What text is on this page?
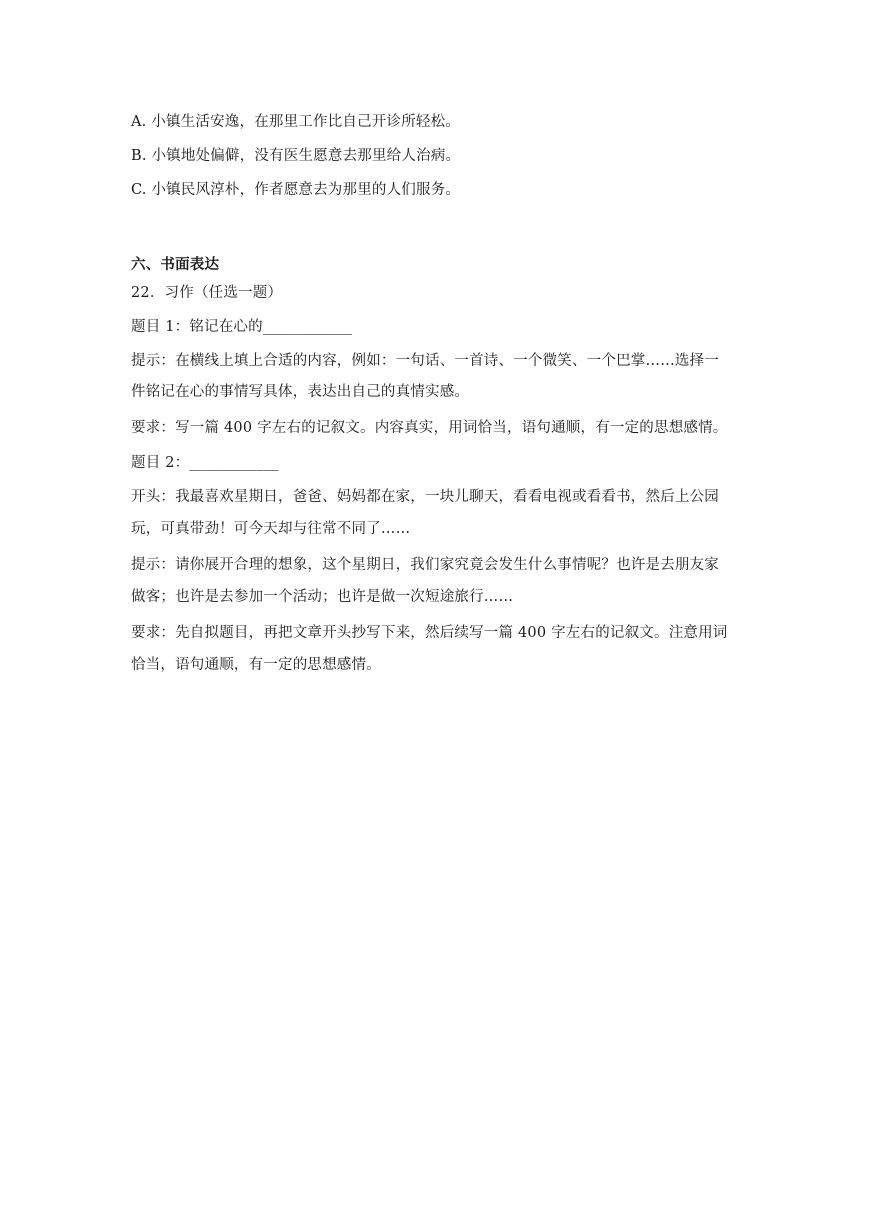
A. 小镇生活安逸，在那里工作比自己开诊所轻松。
B. 小镇地处偏僻，没有医生愿意去那里给人治病。
C. 小镇民风淳朴，作者愿意去为那里的人们服务。
六、书面表达
22．习作（任选一题）
题目 1：铭记在心的____________
提示：在横线上填上合适的内容，例如：一句话、一首诗、一个微笑、一个巴掌……选择一
件铭记在心的事情写具体，表达出自己的真情实感。
要求：写一篇 400 字左右的记叙文。内容真实，用词恰当，语句通顺，有一定的思想感情。
题目 2：____________
开头：我最喜欢星期日，爸爸、妈妈都在家，一块儿聊天，看看电视或看看书，然后上公园
玩，可真带劲！可今天却与往常不同了……
提示：请你展开合理的想象，这个星期日，我们家究竟会发生什么事情呢？也许是去朋友家
做客；也许是去参加一个活动；也许是做一次短途旅行……
要求：先自拟题目，再把文章开头抄写下来，然后续写一篇 400 字左右的记叙文。注意用词
恰当，语句通顺，有一定的思想感情。
